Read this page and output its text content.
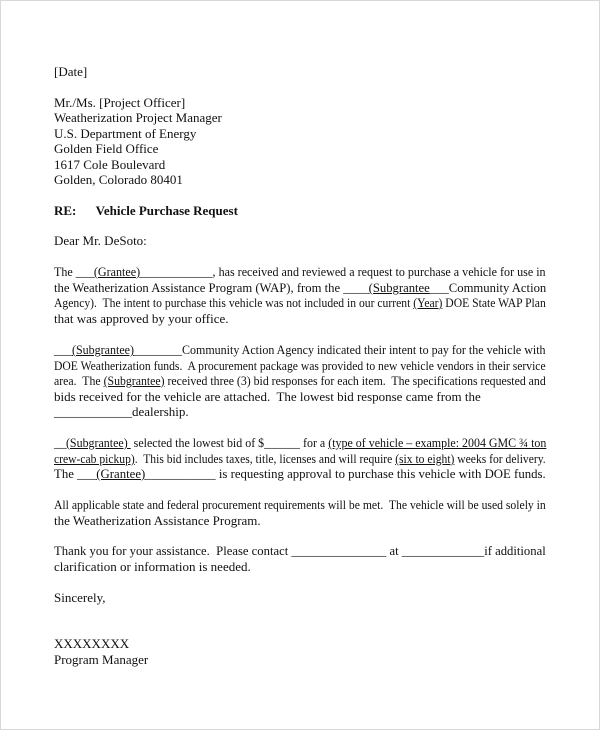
[Date]
Mr./Ms. [Project Officer]
Weatherization Project Manager
U.S. Department of Energy
Golden Field Office
1617 Cole Boulevard
Golden, Colorado 80401
RE:      Vehicle Purchase Request
Dear Mr. DeSoto:
The ___(Grantee)____________, has received and reviewed a request to purchase a vehicle for use in
the Weatherization Assistance Program (WAP), from the ____(Subgrantee___Community Action
Agency).  The intent to purchase this vehicle was not included in our current (Year) DOE State WAP Plan
that was approved by your office.
___(Subgrantee)________Community Action Agency indicated their intent to pay for the vehicle with
DOE Weatherization funds.  A procurement package was provided to new vehicle vendors in their service
area.  The (Subgrantee) received three (3) bid responses for each item.  The specifications requested and
bids received for the vehicle are attached.  The lowest bid response came from the
____________dealership.
__(Subgrantee)  selected the lowest bid of $______ for a (type of vehicle – example: 2004 GMC ¾ ton
crew-cab pickup).  This bid includes taxes, title, licenses and will require (six to eight) weeks for delivery.
The ___(Grantee)___________ is requesting approval to purchase this vehicle with DOE funds.
All applicable state and federal procurement requirements will be met.  The vehicle will be used solely in
the Weatherization Assistance Program.
Thank you for your assistance.  Please contact _______________ at _____________if additional
clarification or information is needed.
Sincerely,
XXXXXXXX
Program Manager
